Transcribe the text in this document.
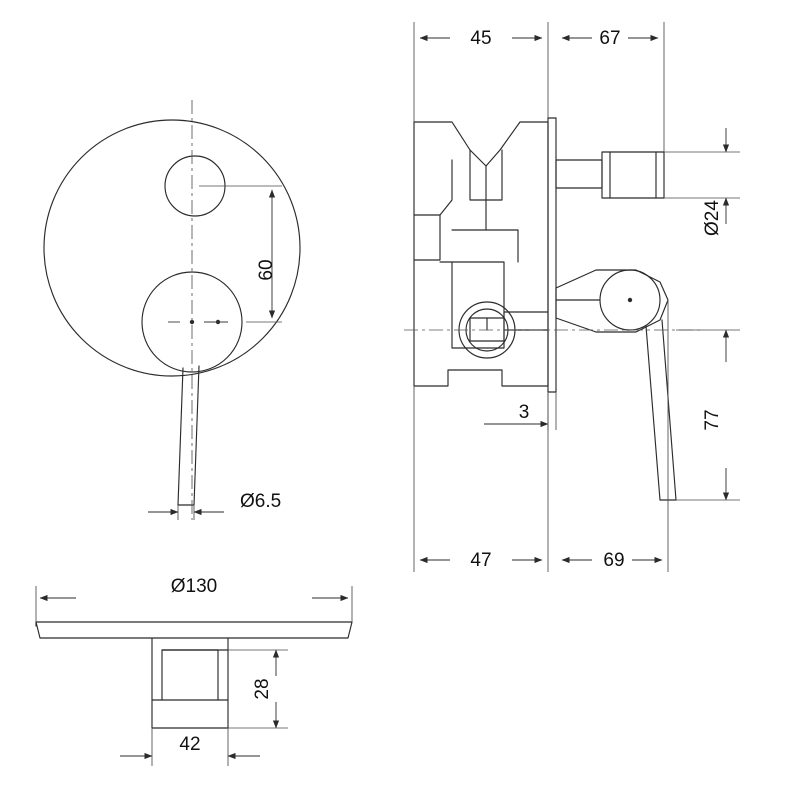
60
Ø6.5
45	67
Ø24
3	77
47	69
Ø130
28
42
